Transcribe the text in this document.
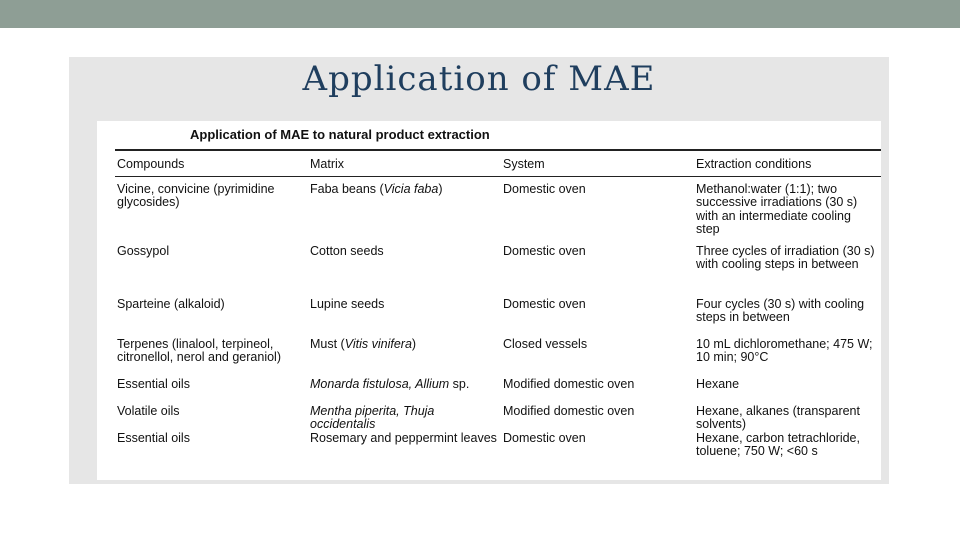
Application of MAE
Application of MAE to natural product extraction
Compounds	Matrix	System	Extraction conditions
Vicine, convicine (pyrimidine glycosides)	Faba beans (Vicia faba)	Domestic oven	Methanol:water (1:1); two successive irradiations (30 s) with an intermediate cooling step
Gossypol	Cotton seeds	Domestic oven	Three cycles of irradiation (30 s) with cooling steps in between
Sparteine (alkaloid)	Lupine seeds	Domestic oven	Four cycles (30 s) with cooling steps in between
Terpenes (linalool, terpineol, citronellol, nerol and geraniol)	Must (Vitis vinifera)	Closed vessels	10 mL dichloromethane; 475 W; 10 min; 90°C
Essential oils	Monarda fistulosa, Allium sp.	Modified domestic oven	Hexane
Volatile oils	Mentha piperita, Thuja occidentalis	Modified domestic oven	Hexane, alkanes (transparent solvents)
Essential oils	Rosemary and peppermint leaves	Domestic oven	Hexane, carbon tetrachloride, toluene; 750 W; <60 s
